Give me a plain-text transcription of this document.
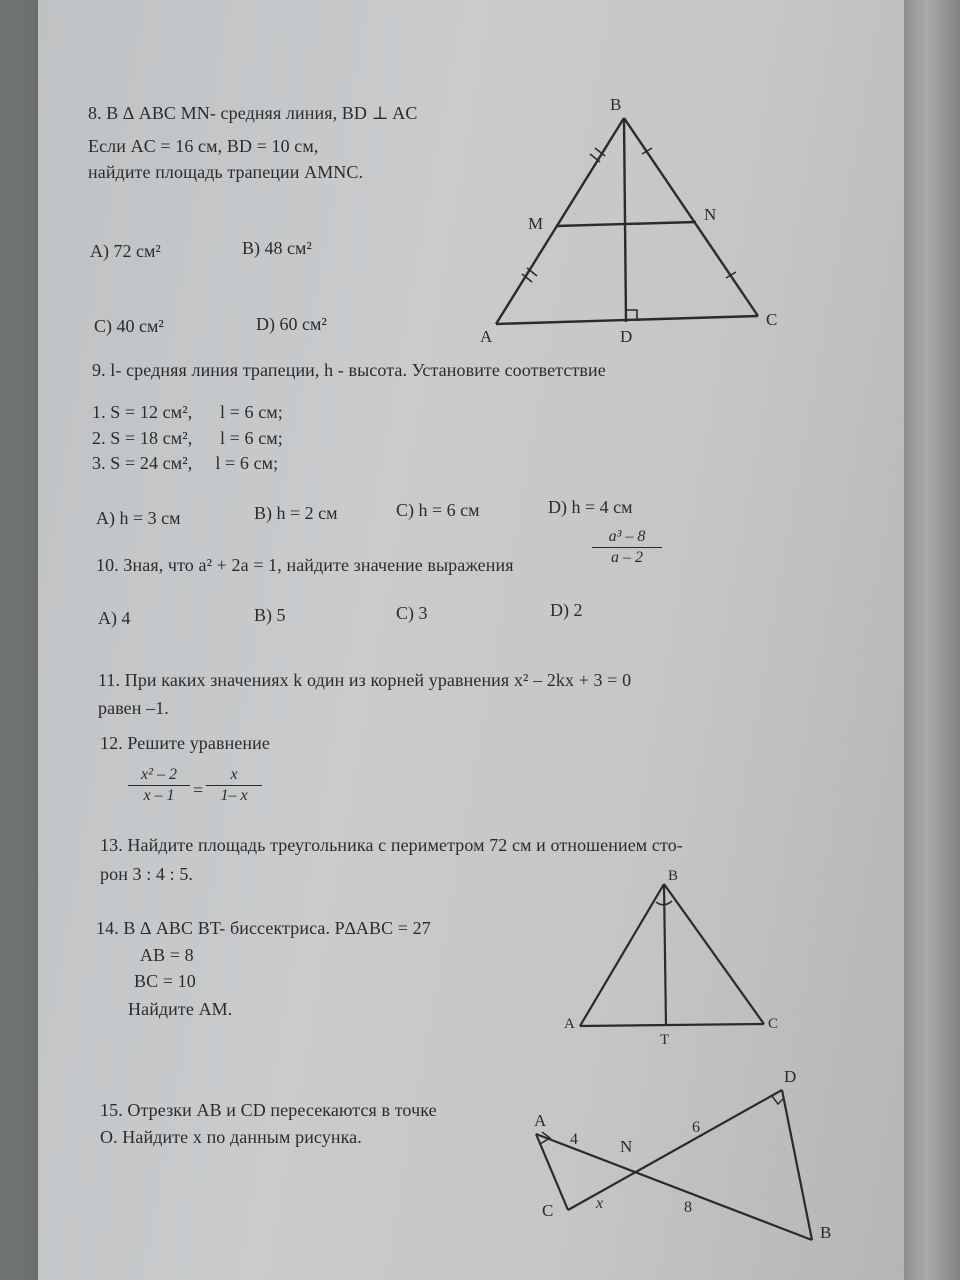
8. В ∆ ABC MN- средняя линия, BD ⊥ AC
Если AC = 16 см, BD = 10 см,
найдите площадь трапеции AMNC.
A) 72 см²	B) 48 см²
C) 40 см²	D) 60 см²
B
M	N
A
C
D
9. l- средняя линия трапеции, h - высота. Установите соответствие
1. S = 12 см²,      l = 6 см;
2. S = 18 см²,      l = 6 см;
3. S = 24 см²,     l = 6 см;
A) h = 3 см	B) h = 2 см	C) h = 6 см	D) h = 4 см
10. Зная, что a² + 2a = 1, найдите значение выражения
a³ – 8
a – 2
A) 4	B) 5	C) 3	D) 2
11. При каких значениях k один из корней уравнения x² – 2kx + 3 = 0
равен –1.
12. Решите уравнение
x² – 2
x – 1	=
x
1– x
13. Найдите площадь треугольника с периметром 72 см и отношением сто-
рон 3 : 4 : 5.
14. В ∆ ABC BT- биссектриса. P∆ABC = 27
AB = 8
BC = 10
Найдите AM.
B
A	C
T
15. Отрезки AB и CD пересекаются в точке
O. Найдите x по данным рисунка.
A
C
D
B
N
4
x
6
8
